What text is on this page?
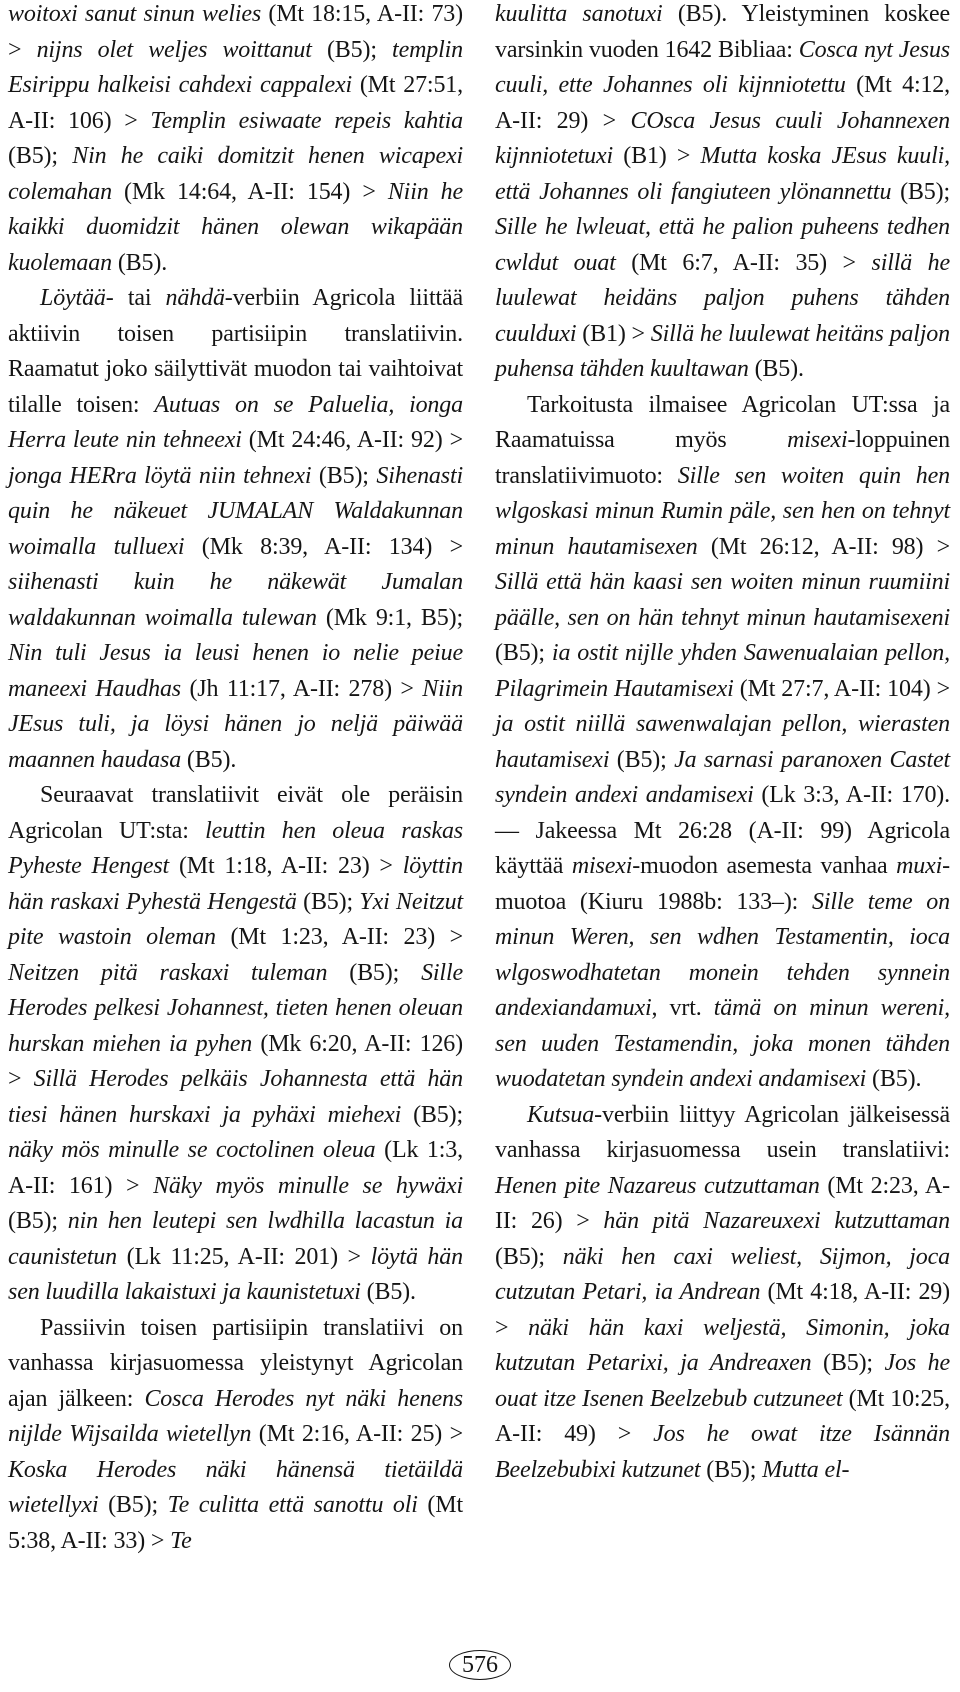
woitoxi sanut sinun welies (Mt 18:15, A-II: 73) > nijns olet weljes woittanut (B5); templin Esirippu halkeisi cahdexi cappalexi (Mt 27:51, A-II: 106) > Templin esiwaate repeis kahtia (B5); Nin he caiki domitzit henen wicapexi colemahan (Mk 14:64, A-II: 154) > Niin he kaikki duomidzit hänen olewan wikapään kuolemaan (B5).

Löytää- tai nähdä-verbiin Agricola liittää aktiivin toisen partisiipin translatiivin. Raamatut joko säilyttivät muodon tai vaihtoivat tilalle toisen: Autuas on se Paluelia, ionga Herra leute nin tehneexi (Mt 24:46, A-II: 92) > jonga HERra löytä niin tehnexi (B5); Sihenasti quin he näkeuet JUMALAN Waldakunnan woimalla tulluexi (Mk 8:39, A-II: 134) > siihenasti kuin he näkewät Jumalan waldakunnan woimalla tulewan (Mk 9:1, B5); Nin tuli Jesus ia leusi henen io nelie peiue maneexi Haudhas (Jh 11:17, A-II: 278) > Niin JEsus tuli, ja löysi hänen jo neljä päiwää maannen haudasa (B5).

Seuraavat translatiivit eivät ole peräisin Agricolan UT:sta: leuttin hen oleua raskas Pyheste Hengest (Mt 1:18, A-II: 23) > löyttin hän raskaxi Pyhestä Hengestä (B5); Yxi Neitzut pite wastoin oleman (Mt 1:23, A-II: 23) > Neitzen pitä raskaxi tuleman (B5); Sille Herodes pelkesi Johannest, tieten henen oleuan hurskan miehen ia pyhen (Mk 6:20, A-II: 126) > Sillä Herodes pelkäis Johannesta että hän tiesi hänen hurskaxi ja pyhäxi miehexi (B5); näky mös minulle se coctolinen oleua (Lk 1:3, A-II: 161) > Näky myös minulle se hywäxi (B5); nin hen leutepi sen lwdhilla lacastun ia caunistetun (Lk 11:25, A-II: 201) > löytä hän sen luudilla lakaistuxi ja kaunistetuxi (B5).

Passiivin toisen partisiipin translatiivi on vanhassa kirjasuomessa yleistynyt Agricolan ajan jälkeen: Cosca Herodes nyt näki henens nijlde Wijsailda wietellyn (Mt 2:16, A-II: 25) > Koska Herodes näki hänensä tietäildä wietellyxi (B5); Te culitta että sanottu oli (Mt 5:38, A-II: 33) > Te

kuulitta sanotuxi (B5). Yleistyminen koskee varsinkin vuoden 1642 Bibliaa: Cosca nyt Jesus cuuli, ette Johannes oli kijnniotettu (Mt 4:12, A-II: 29) > COsca Jesus cuuli Johannexen kijnniotetuxi (B1) > Mutta koska JEsus kuuli, että Johannes oli fangiuteen ylönannettu (B5); Sille he lwleuat, että he palion puheens tedhen cwldut ouat (Mt 6:7, A-II: 35) > sillä he luulewat heidäns paljon puhens tähden cuulduxi (B1) > Sillä he luulewat heitäns paljon puhensa tähden kuultawan (B5).

Tarkoitusta ilmaisee Agricolan UT:ssa ja Raamatuissa myös misexi-loppuinen translatiivimuoto: Sille sen woiten quin hen wlgoskasi minun Rumin päle, sen hen on tehnyt minun hautamisexen (Mt 26:12, A-II: 98) > Sillä että hän kaasi sen woiten minun ruumiini päälle, sen on hän tehnyt minun hautamisexeni (B5); ia ostit nijlle yhden Sawenualaian pellon, Pilagrimein Hautamisexi (Mt 27:7, A-II: 104) > ja ostit niillä sawenwalajan pellon, wierasten hautamisexi (B5); Ja sarnasi paranoxen Castet syndein andexi andamisexi (Lk 3:3, A-II: 170). — Jakeessa Mt 26:28 (A-II: 99) Agricola käyttää misexi-muodon asemesta vanhaa muxi-muotoa (Kiuru 1988b: 133–): Sille teme on minun Weren, sen wdhen Testamentin, ioca wlgoswodhatetan monein tehden synnein andexiandamuxi, vrt. tämä on minun wereni, sen uuden Testamendin, joka monen tähden wuodatetan syndein andexi andamisexi (B5).

Kutsua-verbiin liittyy Agricolan jälkeisessä vanhassa kirjasuomessa usein translatiivi: Henen pite Nazareus cutzuttaman (Mt 2:23, A-II: 26) > hän pitä Nazareuxexi kutzuttaman (B5); näki hen caxi weliest, Sijmon, joca cutzutan Petari, ia Andrean (Mt 4:18, A-II: 29) > näki hän kaxi weljestä, Simonin, joka kutzutan Petarixi, ja Andreaxen (B5); Jos he ouat itze Isenen Beelzebub cutzuneet (Mt 10:25, A-II: 49) > Jos he owat itze Isännän Beelzebubixi kutzunet (B5); Mutta el-

576
